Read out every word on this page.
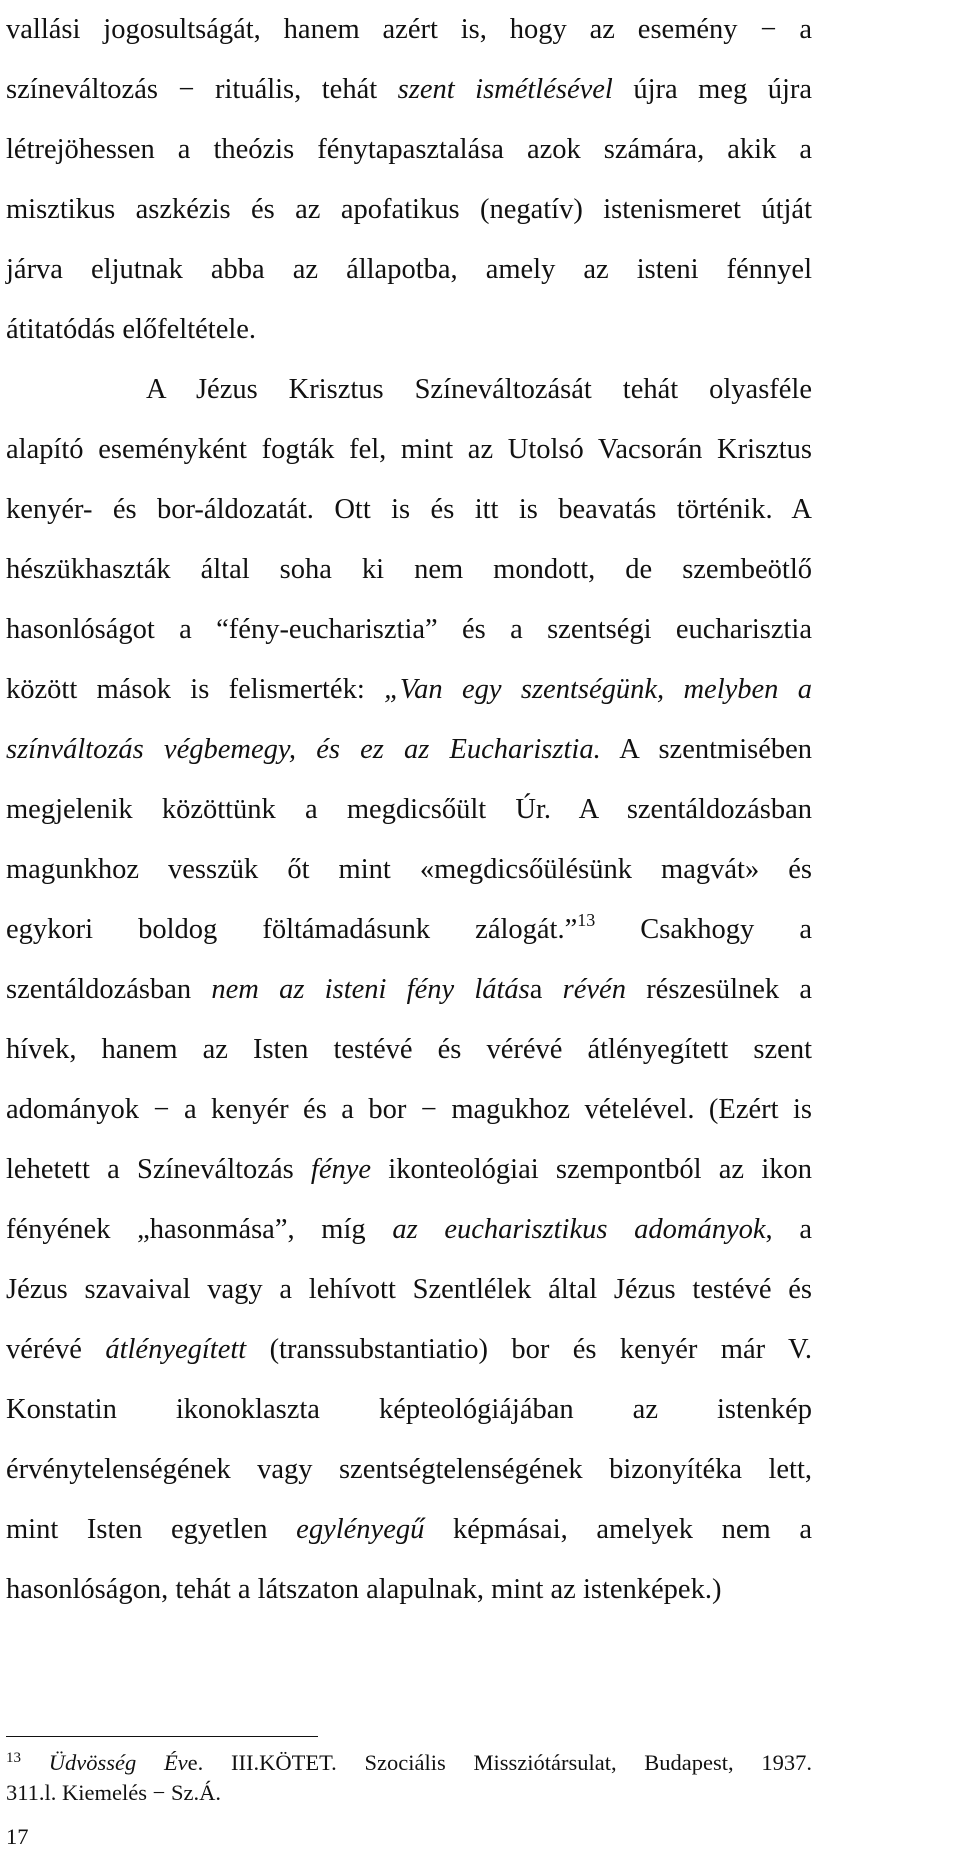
vallási jogosultságát, hanem azért is, hogy az esemény − a
színeváltozás − rituális, tehát szent ismétlésével újra meg újra
létrejöhessen a theózis fénytapasztalása azok számára, akik a
misztikus aszkézis és az apofatikus (negatív) istenismeret útját
járva eljutnak abba az állapotba, amely az isteni fénnyel
átitatódás előfeltétele.
A Jézus Krisztus Színeváltozását tehát olyasféle
alapító eseményként fogták fel, mint az Utolsó Vacsorán Krisztus
kenyér- és bor-áldozatát. Ott is és itt is beavatás történik. A
hészükhaszták által soha ki nem mondott, de szembeötlő
hasonlóságot a “fény-eucharisztia” és a szentségi eucharisztia
között mások is felismerték: „Van egy szentségünk, melyben a
színváltozás végbemegy, és ez az Eucharisztia. A szentmisében
megjelenik közöttünk a megdicsőült Úr. A szentáldozásban
magunkhoz vesszük őt mint «megdicsőülésünk magvát» és
egykori boldog föltámadásunk zálogát.”$^{13}$ Csakhogy a
szentáldozásban nem az isteni fény látása révén részesülnek a
hívek, hanem az Isten testévé és vérévé átlényegített szent
adományok − a kenyér és a bor − magukhoz vételével. (Ezért is
lehetett a Színeváltozás fénye ikonteológiai szempontból az ikon
fényének „hasonmása”, míg az eucharisztikus adományok, a
Jézus szavaival vagy a lehívott Szentlélek által Jézus testévé és
vérévé átlényegített (transsubstantiatio) bor és kenyér már V.
Konstatin ikonoklaszta képteológiájában az istenkép
érvénytelenségének vagy szentségtelenségének bizonyítéka lett,
mint Isten egyetlen egylényegű képmásai, amelyek nem a
hasonlóságon, tehát a látszaton alapulnak, mint az istenképek.)
$^{13}$ Üdvösség Éve. III.KÖTET. Szociális Missziótársulat, Budapest, 1937.
311.l. Kiemelés − Sz.Á.
17
